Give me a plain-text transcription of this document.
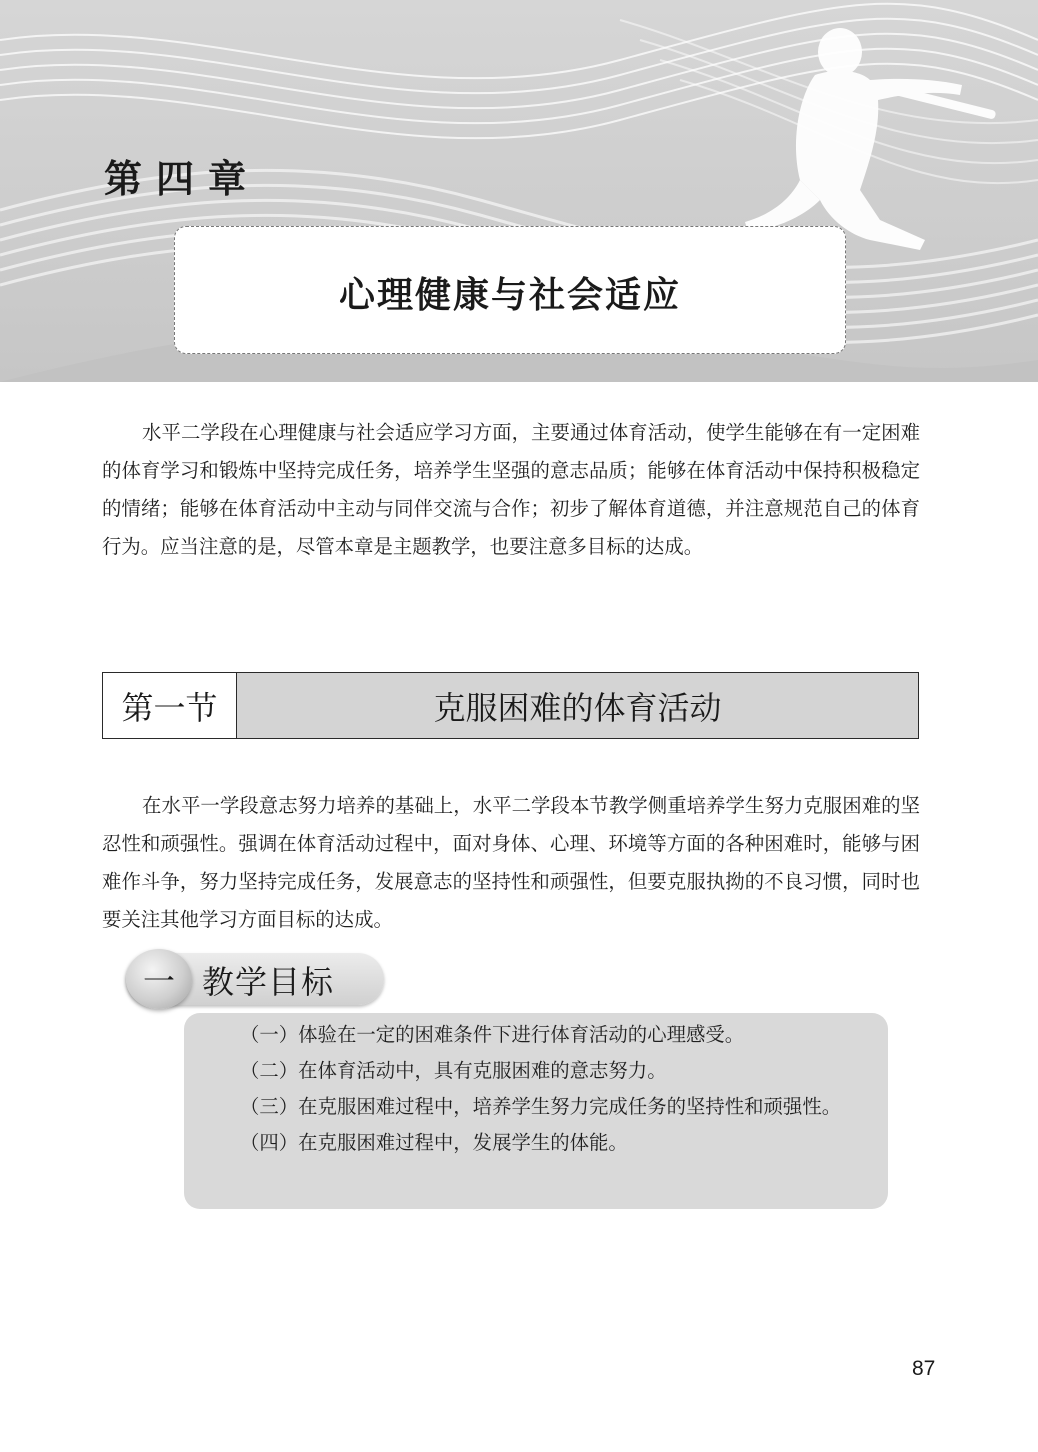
第四章
心理健康与社会适应

水平二学段在心理健康与社会适应学习方面，主要通过体育活动，使学生能够在有一定困难的体育学习和锻炼中坚持完成任务，培养学生坚强的意志品质；能够在体育活动中保持积极稳定的情绪；能够在体育活动中主动与同伴交流与合作；初步了解体育道德，并注意规范自己的体育行为。应当注意的是，尽管本章是主题教学，也要注意多目标的达成。

第一节	克服困难的体育活动

在水平一学段意志努力培养的基础上，水平二学段本节教学侧重培养学生努力克服困难的坚忍性和顽强性。强调在体育活动过程中，面对身体、心理、环境等方面的各种困难时，能够与困难作斗争，努力坚持完成任务，发展意志的坚持性和顽强性，但要克服执拗的不良习惯，同时也要关注其他学习方面目标的达成。

一 教学目标

（一）体验在一定的困难条件下进行体育活动的心理感受。

（二）在体育活动中，具有克服困难的意志努力。

（三）在克服困难过程中，培养学生努力完成任务的坚持性和顽强性。

（四）在克服困难过程中，发展学生的体能。

87
